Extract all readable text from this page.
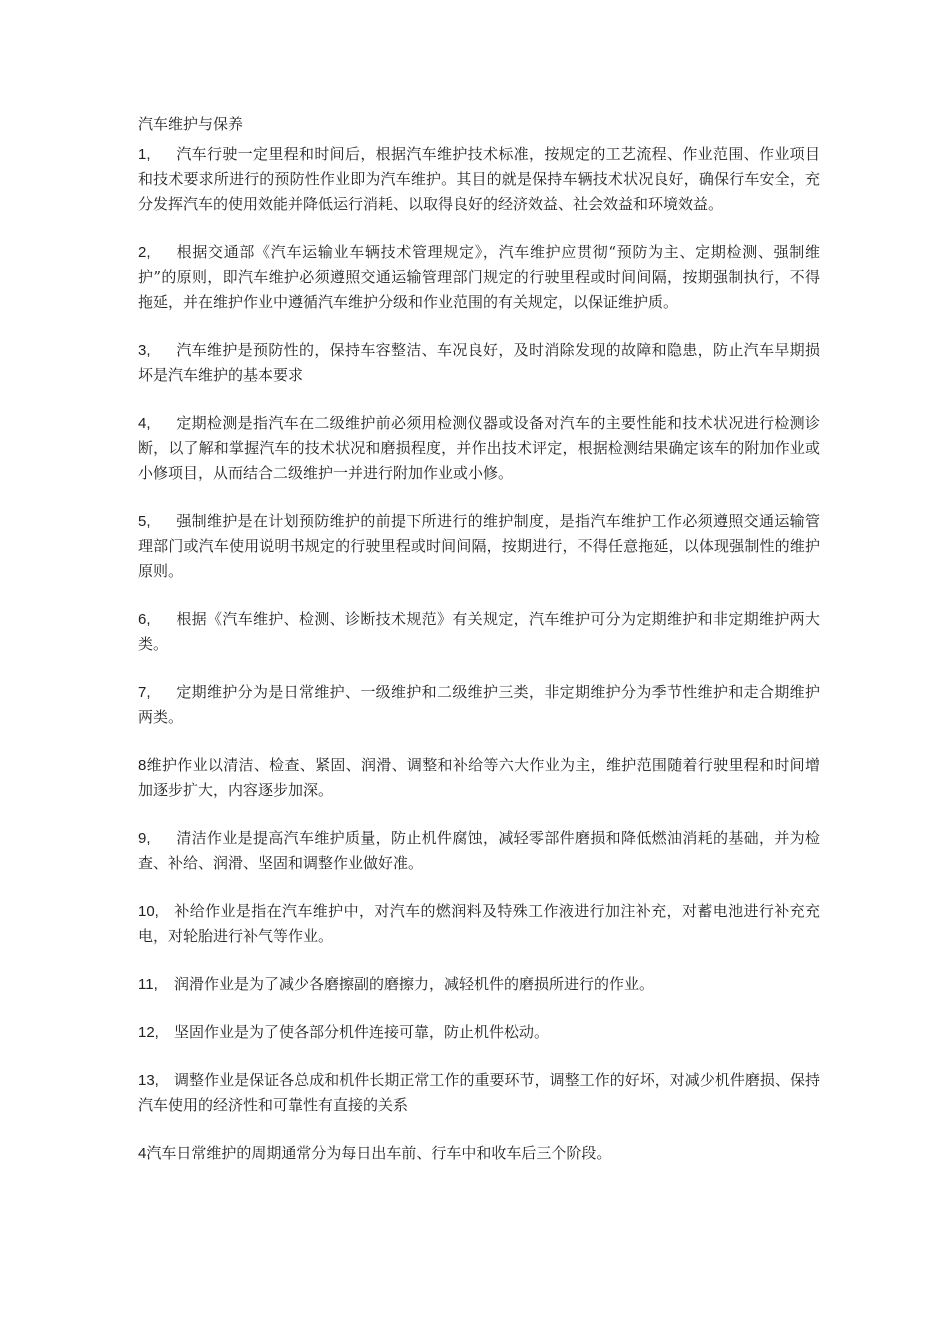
汽车维护与保养

1, 汽车行驶一定里程和时间后，根据汽车维护技术标准，按规定的工艺流程、作业范围、作业项目和技术要求所进行的预防性作业即为汽车维护。其目的就是保持车辆技术状况良好，确保行车安全，充分发挥汽车的使用效能并降低运行消耗、以取得良好的经济效益、社会效益和环境效益。

2, 根据交通部《汽车运输业车辆技术管理规定》，汽车维护应贯彻“预防为主、定期检测、强制维护”的原则，即汽车维护必须遵照交通运输管理部门规定的行驶里程或时间间隔，按期强制执行，不得拖延，并在维护作业中遵循汽车维护分级和作业范围的有关规定，以保证维护质。

3, 汽车维护是预防性的，保持车容整洁、车况良好，及时消除发现的故障和隐患，防止汽车早期损坏是汽车维护的基本要求

4, 定期检测是指汽车在二级维护前必须用检测仪器或设备对汽车的主要性能和技术状况进行检测诊断，以了解和掌握汽车的技术状况和磨损程度，并作出技术评定，根据检测结果确定该车的附加作业或小修项目，从而结合二级维护一并进行附加作业或小修。

5, 强制维护是在计划预防维护的前提下所进行的维护制度，是指汽车维护工作必须遵照交通运输管理部门或汽车使用说明书规定的行驶里程或时间间隔，按期进行，不得任意拖延，以体现强制性的维护原则。

6, 根据《汽车维护、检测、诊断技术规范》有关规定，汽车维护可分为定期维护和非定期维护两大类。

7, 定期维护分为是日常维护、一级维护和二级维护三类，非定期维护分为季节性维护和走合期维护两类。

8维护作业以清洁、检查、紧固、润滑、调整和补给等六大作业为主，维护范围随着行驶里程和时间增加逐步扩大，内容逐步加深。

9, 清洁作业是提高汽车维护质量，防止机件腐蚀，减轻零部件磨损和降低燃油消耗的基础，并为检查、补给、润滑、坚固和调整作业做好准。

10, 补给作业是指在汽车维护中，对汽车的燃润料及特殊工作液进行加注补充，对蓄电池进行补充充电，对轮胎进行补气等作业。

11, 润滑作业是为了减少各磨擦副的磨擦力，减轻机件的磨损所进行的作业。

12, 坚固作业是为了使各部分机件连接可靠，防止机件松动。

13, 调整作业是保证各总成和机件长期正常工作的重要环节，调整工作的好坏，对减少机件磨损、保持汽车使用的经济性和可靠性有直接的关系

4汽车日常维护的周期通常分为每日出车前、行车中和收车后三个阶段。
